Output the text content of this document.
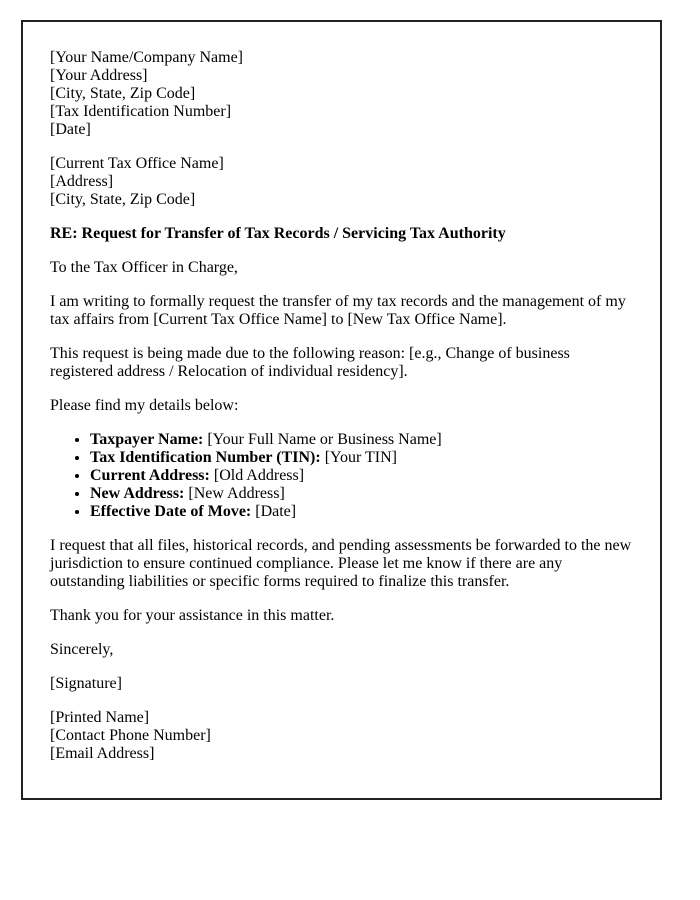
[Your Name/Company Name]
[Your Address]
[City, State, Zip Code]
[Tax Identification Number]
[Date]
[Current Tax Office Name]
[Address]
[City, State, Zip Code]
RE: Request for Transfer of Tax Records / Servicing Tax Authority
To the Tax Officer in Charge,
I am writing to formally request the transfer of my tax records and the management of my tax affairs from [Current Tax Office Name] to [New Tax Office Name].
This request is being made due to the following reason: [e.g., Change of business registered address / Relocation of individual residency].
Please find my details below:
• Taxpayer Name: [Your Full Name or Business Name]
• Tax Identification Number (TIN): [Your TIN]
• Current Address: [Old Address]
• New Address: [New Address]
• Effective Date of Move: [Date]
I request that all files, historical records, and pending assessments be forwarded to the new jurisdiction to ensure continued compliance. Please let me know if there are any outstanding liabilities or specific forms required to finalize this transfer.
Thank you for your assistance in this matter.
Sincerely,
[Signature]
[Printed Name]
[Contact Phone Number]
[Email Address]
